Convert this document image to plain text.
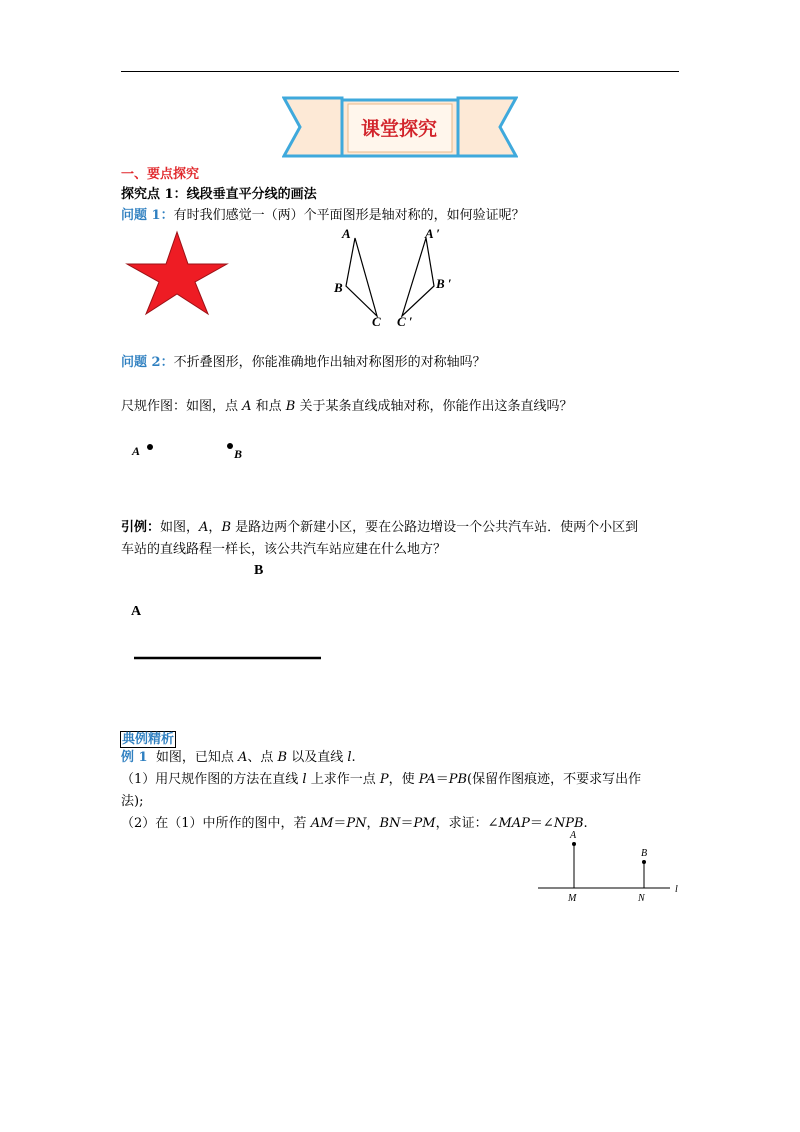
课堂探究
一、要点探究
探究点 1：线段垂直平分线的画法
问题 1：有时我们感觉一（两）个平面图形是轴对称的，如何验证呢？
A
B
C
A ′
B ′
C ′
问题 2：不折叠图形，你能准确地作出轴对称图形的对称轴吗？
尺规作图：如图，点 A 和点 B 关于某条直线成轴对称，你能作出这条直线吗？
A	B
引例：如图，A，B 是路边两个新建小区，要在公路边增设一个公共汽车站．使两个小区到
车站的直线路程一样长，该公共汽车站应建在什么地方？
B
A
典例精析
例 1 如图，已知点 A、点 B 以及直线 l.
（1）用尺规作图的方法在直线 l 上求作一点 P，使 PA＝PB(保留作图痕迹，不要求写出作
法);
（2）在（1）中所作的图中，若 AM＝PN，BN＝PM，求证：∠MAP＝∠NPB.
A
B
M	N
l
